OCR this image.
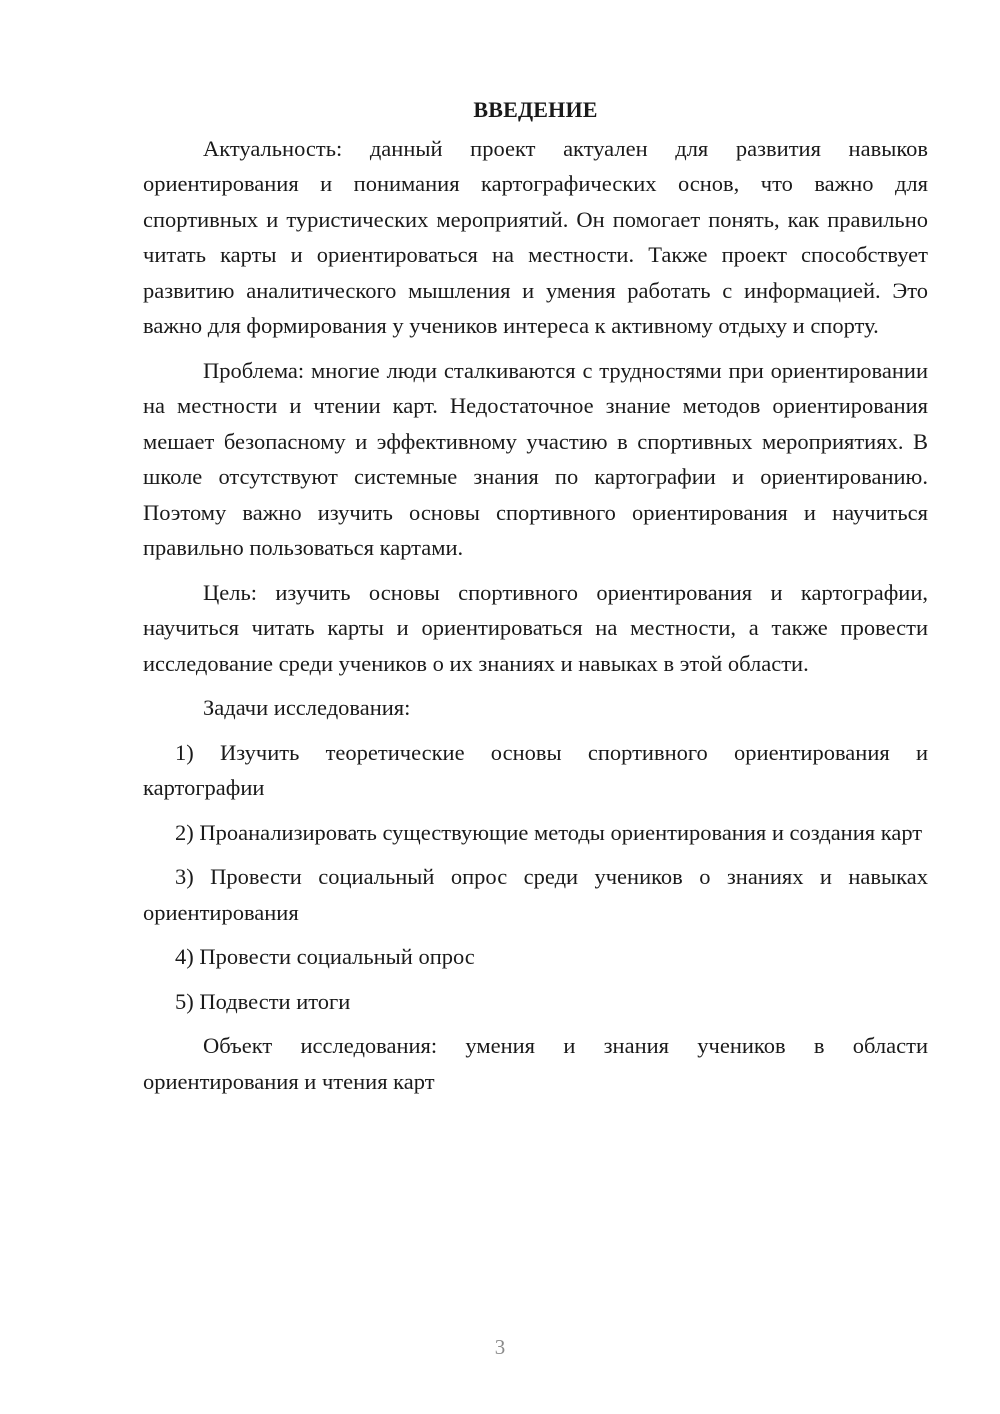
ВВЕДЕНИЕ

Актуальность: данный проект актуален для развития навыков ориентирования и понимания картографических основ, что важно для спортивных и туристических мероприятий. Он помогает понять, как правильно читать карты и ориентироваться на местности. Также проект способствует развитию аналитического мышления и умения работать с информацией. Это важно для формирования у учеников интереса к активному отдыху и спорту.

Проблема: многие люди сталкиваются с трудностями при ориентировании на местности и чтении карт. Недостаточное знание методов ориентирования мешает безопасному и эффективному участию в спортивных мероприятиях. В школе отсутствуют системные знания по картографии и ориентированию. Поэтому важно изучить основы спортивного ориентирования и научиться правильно пользоваться картами.

Цель: изучить основы спортивного ориентирования и картографии, научиться читать карты и ориентироваться на местности, а также провести исследование среди учеников о их знаниях и навыках в этой области.

Задачи исследования:

1) Изучить теоретические основы спортивного ориентирования и картографии

2) Проанализировать существующие методы ориентирования и создания карт

3) Провести социальный опрос среди учеников о знаниях и навыках ориентирования

4) Провести социальный опрос

5) Подвести итоги

Объект исследования: умения и знания учеников в области ориентирования и чтения карт

3
